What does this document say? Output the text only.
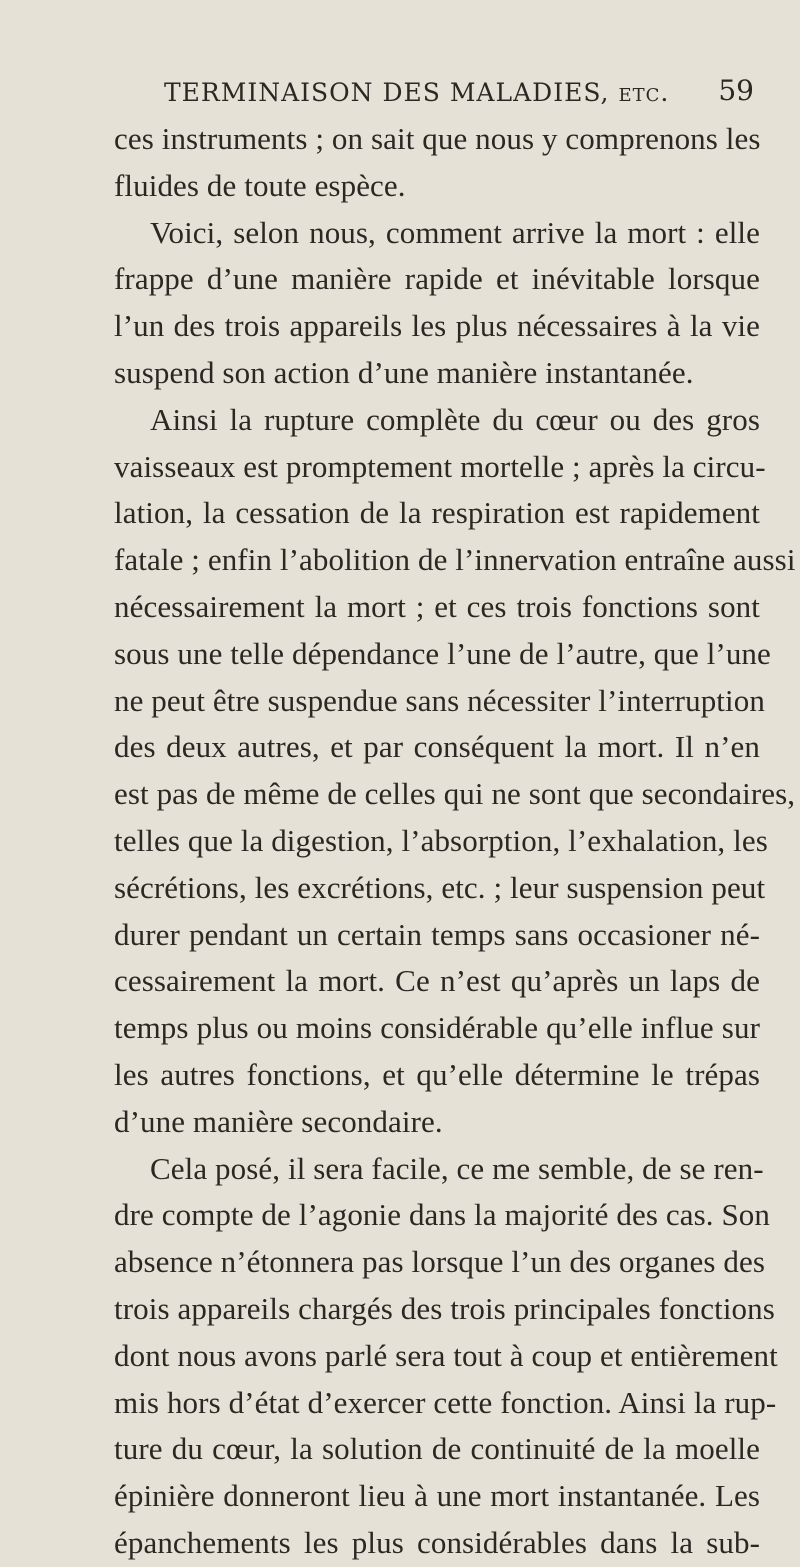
TERMINAISON DES MALADIES, etc. 59
ces instruments ; on sait que nous y comprenons les
fluides de toute espèce.
Voici, selon nous, comment arrive la mort : elle
frappe d’une manière rapide et inévitable lorsque
l’un des trois appareils les plus nécessaires à la vie
suspend son action d’une manière instantanée.
Ainsi la rupture complète du cœur ou des gros
vaisseaux est promptement mortelle ; après la circu-
lation, la cessation de la respiration est rapidement
fatale ; enfin l’abolition de l’innervation entraîne aussi
nécessairement la mort ; et ces trois fonctions sont
sous une telle dépendance l’une de l’autre, que l’une
ne peut être suspendue sans nécessiter l’interruption
des deux autres, et par conséquent la mort. Il n’en
est pas de même de celles qui ne sont que secondaires,
telles que la digestion, l’absorption, l’exhalation, les
sécrétions, les excrétions, etc. ; leur suspension peut
durer pendant un certain temps sans occasioner né-
cessairement la mort. Ce n’est qu’après un laps de
temps plus ou moins considérable qu’elle influe sur
les autres fonctions, et qu’elle détermine le trépas
d’une manière secondaire.
Cela posé, il sera facile, ce me semble, de se ren-
dre compte de l’agonie dans la majorité des cas. Son
absence n’étonnera pas lorsque l’un des organes des
trois appareils chargés des trois principales fonctions
dont nous avons parlé sera tout à coup et entièrement
mis hors d’état d’exercer cette fonction. Ainsi la rup-
ture du cœur, la solution de continuité de la moelle
épinière donneront lieu à une mort instantanée. Les
épanchements les plus considérables dans la sub-
